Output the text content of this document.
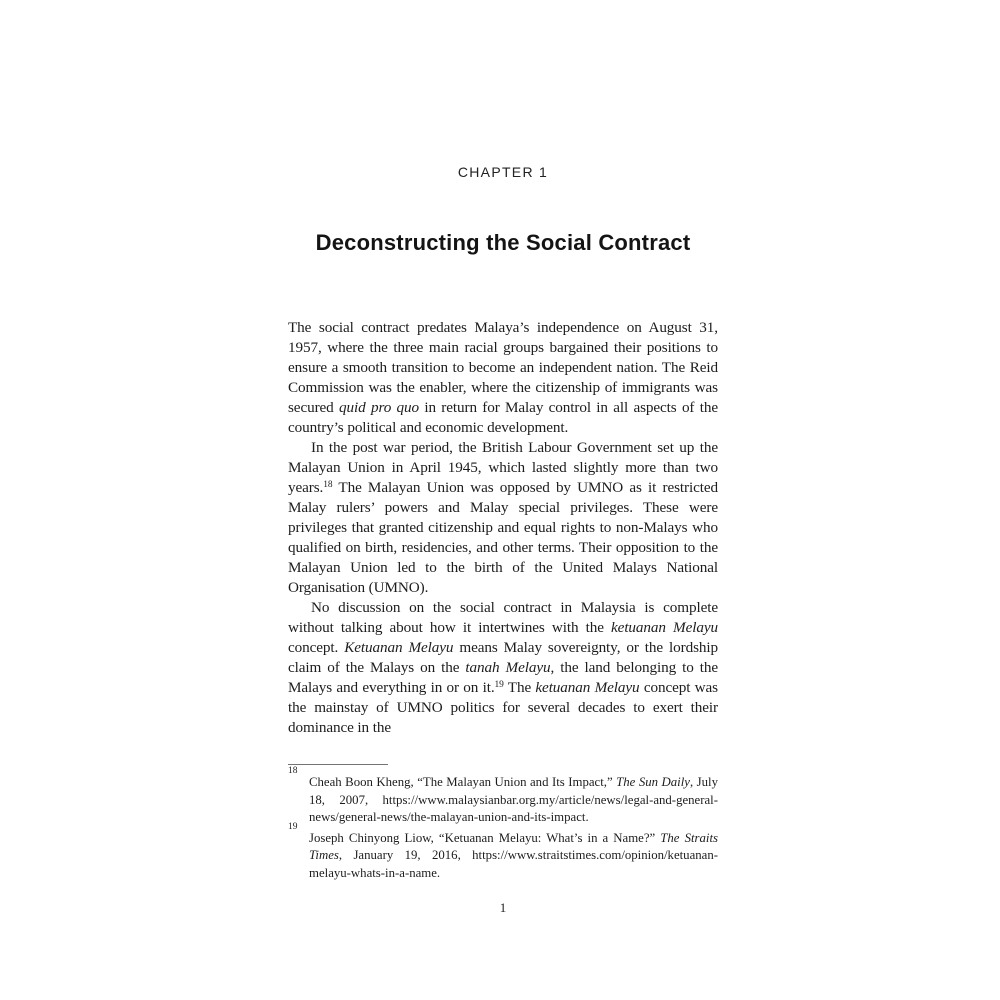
CHAPTER 1
Deconstructing the Social Contract

The social contract predates Malaya’s independence on August 31, 1957, where the three main racial groups bargained their positions to ensure a smooth transition to become an independent nation. The Reid Commission was the enabler, where the citizenship of immigrants was secured quid pro quo in return for Malay control in all aspects of the country’s political and economic development.

In the post war period, the British Labour Government set up the Malayan Union in April 1945, which lasted slightly more than two years.$^{18}$ The Malayan Union was opposed by UMNO as it restricted Malay rulers’ powers and Malay special privileges. These were privileges that granted citizenship and equal rights to non-Malays who qualified on birth, residencies, and other terms. Their opposition to the Malayan Union led to the birth of the United Malays National Organisation (UMNO).

No discussion on the social contract in Malaysia is complete without talking about how it intertwines with the ketuanan Melayu concept. Ketuanan Melayu means Malay sovereignty, or the lordship claim of the Malays on the tanah Melayu, the land belonging to the Malays and everything in or on it.$^{19}$ The ketuanan Melayu concept was the mainstay of UMNO politics for several decades to exert their dominance in the

18
Cheah Boon Kheng, “The Malayan Union and Its Impact,” The Sun Daily, July 18, 2007, https://www.malaysianbar.org.my/article/news/legal-and-general-news/general-news/the-malayan-union-and-its-impact.
19
Joseph Chinyong Liow, “Ketuanan Melayu: What’s in a Name?” The Straits Times, January 19, 2016, https://www.straitstimes.com/opinion/ketuanan-melayu-whats-in-a-name.
1
